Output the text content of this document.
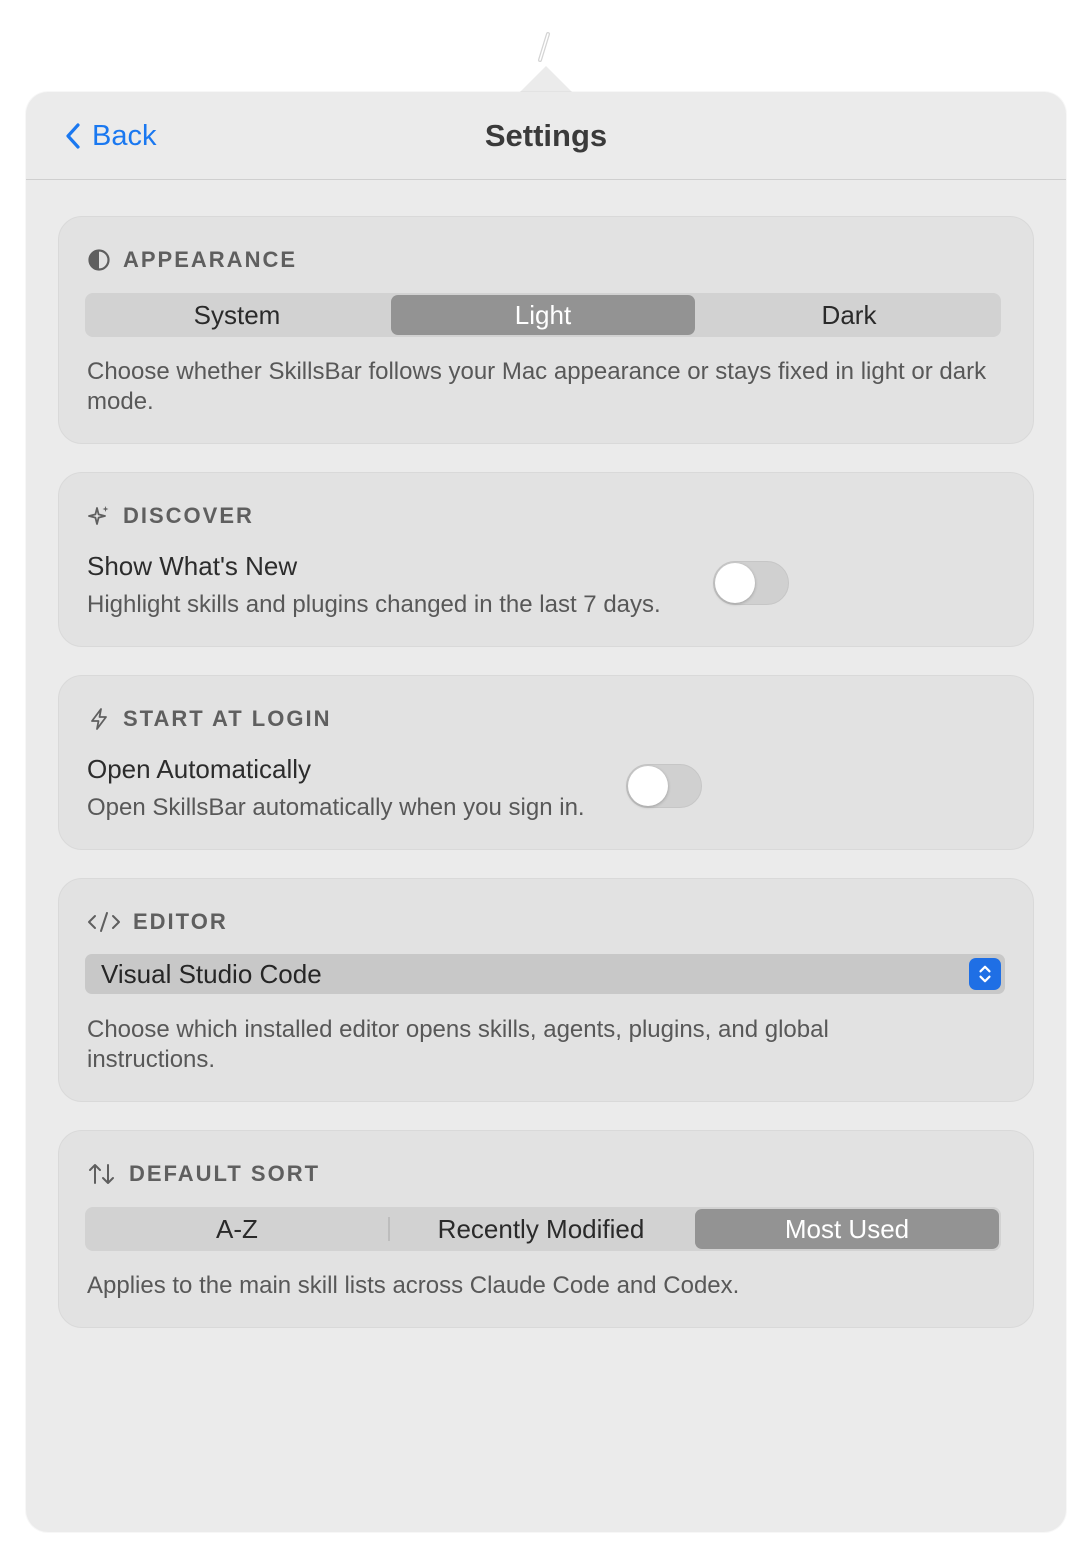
Back	Settings
APPEARANCE
System	Light	Dark
Choose whether SkillsBar follows your Mac appearance or stays fixed in light or dark mode.
DISCOVER
Show What's New
Highlight skills and plugins changed in the last 7 days.
START AT LOGIN
Open Automatically
Open SkillsBar automatically when you sign in.
EDITOR
Visual Studio Code
Choose which installed editor opens skills, agents, plugins, and global instructions.
DEFAULT SORT
A-Z	Recently Modified	Most Used
Applies to the main skill lists across Claude Code and Codex.
